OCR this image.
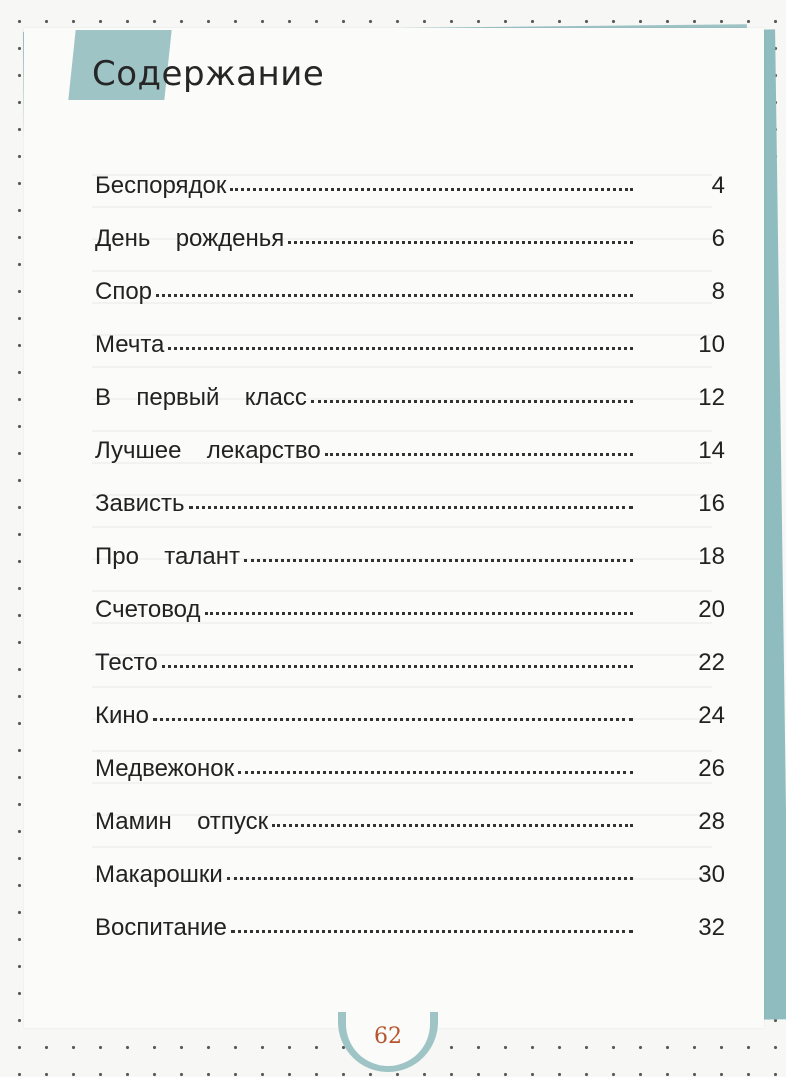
Содержание
Беспорядок	4
День  рожденья	6
Спор	8
Мечта	10
В  первый  класс	12
Лучшее  лекарство	14
Зависть	16
Про  талант	18
Счетовод	20
Тесто	22
Кино	24
Медвежонок	26
Мамин  отпуск	28
Макарошки	30
Воспитание	32
62
